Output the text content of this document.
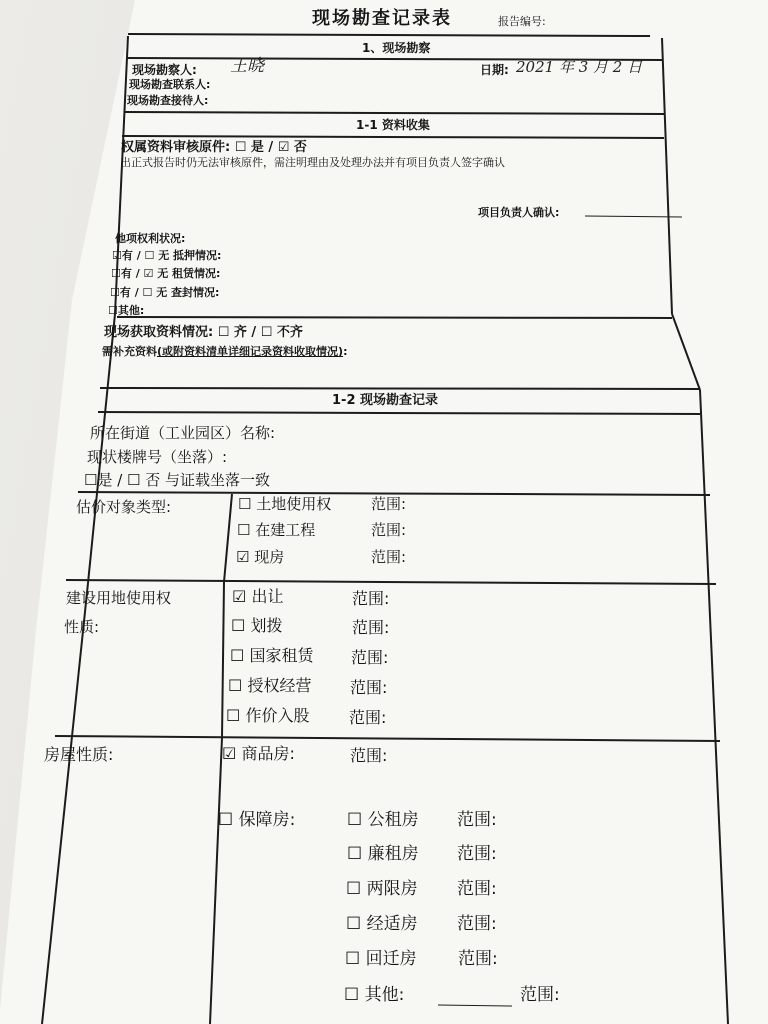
现场勘查记录表	报告编号:
1、现场勘察
现场勘察人: 王晓
现场勘查联系人:
现场勘查接待人:
日期: 2021 年 3 月 2 日
1-1 资料收集
权属资料审核原件: ☐ 是 / ☑ 否
出正式报告时仍无法审核原件，需注明理由及处理办法并有项目负责人签字确认
项目负责人确认:
他项权利状况:
☑有 / ☐ 无 抵押情况:
☐有 / ☑ 无 租赁情况:
☐有 / ☐ 无 查封情况:
☐其他:
现场获取资料情况: ☐ 齐 / ☐ 不齐
需补充资料(或附资料清单详细记录资料收取情况):
1-2 现场勘查记录
所在街道（工业园区）名称:
现状楼牌号（坐落）:
☐是 / ☐ 否 与证载坐落一致
估价对象类型:	☐ 土地使用权	范围:
☐ 在建工程	范围:
☑ 现房	范围:
建设用地使用权
性质:
☑ 出让	范围:
☐ 划拨	范围:
☐ 国家租赁 范围:
☐ 授权经营 范围:
☐ 作价入股 范围:
房屋性质:	☑ 商品房:	范围:
☐ 保障房:	☐ 公租房 范围:
☐ 廉租房 范围:
☐ 两限房 范围:
☐ 经适房 范围:
☐ 回迁房 范围:
☐ 其他:	范围:
